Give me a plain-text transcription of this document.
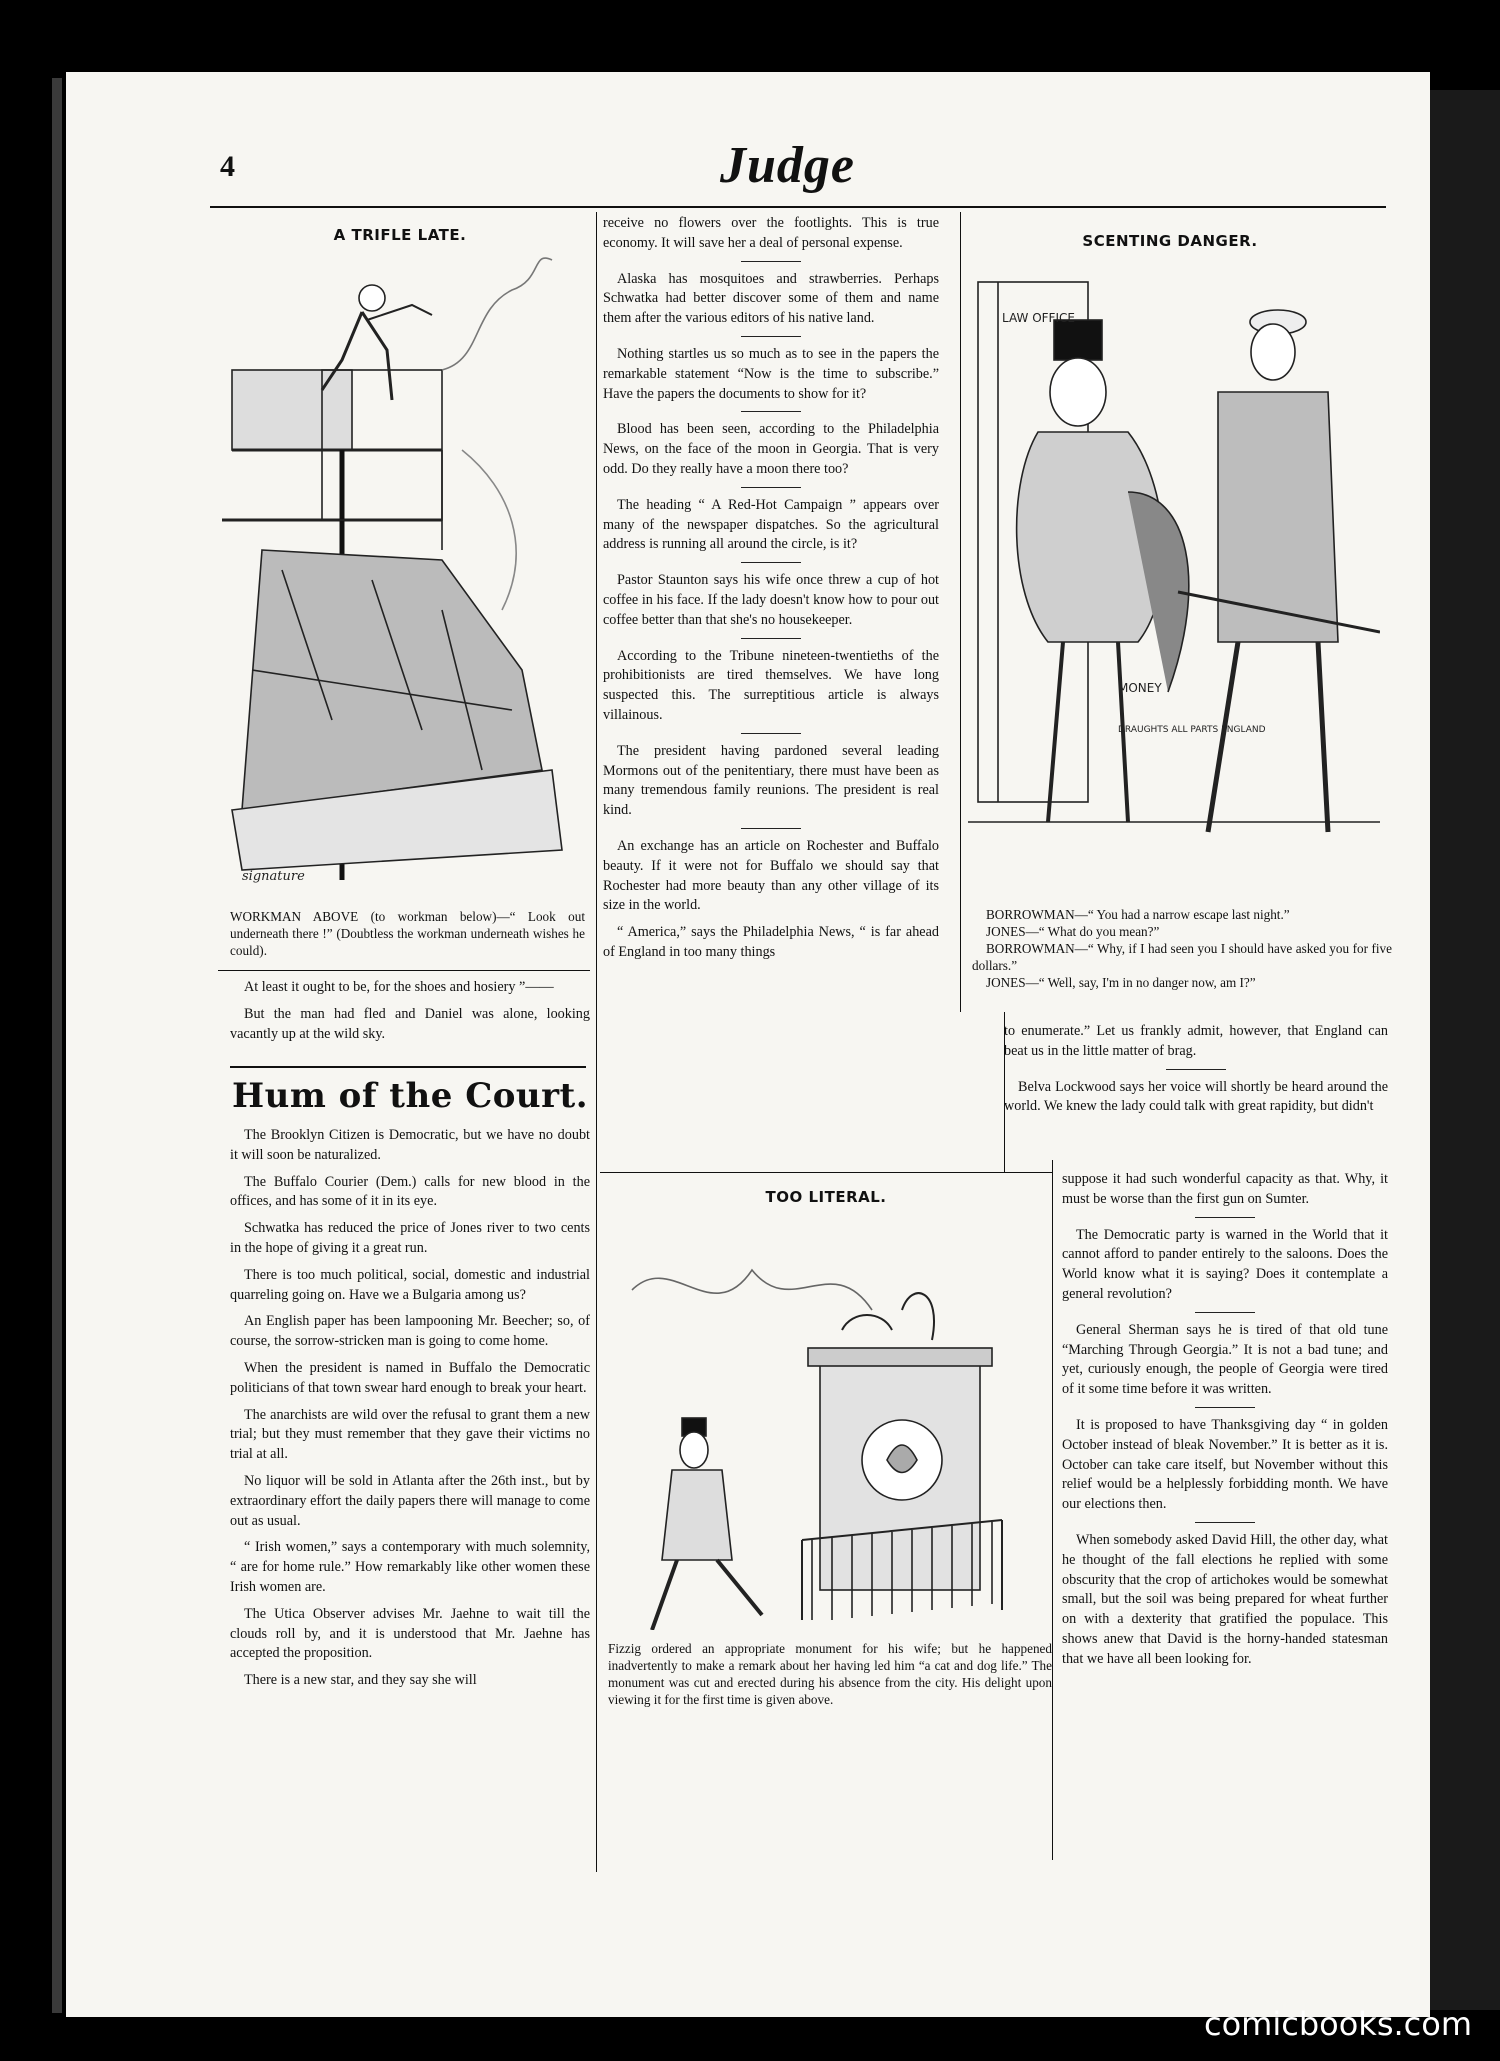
4	Judge
A TRIFLE LATE.
signature
WORKMAN ABOVE (to workman below)—“ Look out underneath there !” (Doubtless the workman underneath wishes he could).

At least it ought to be, for the shoes and hosiery ”——

But the man had fled and Daniel was alone, looking vacantly up at the wild sky.

Hum of the Court.

The Brooklyn Citizen is Democratic, but we have no doubt it will soon be naturalized.

The Buffalo Courier (Dem.) calls for new blood in the offices, and has some of it in its eye.

Schwatka has reduced the price of Jones river to two cents in the hope of giving it a great run.

There is too much political, social, domestic and industrial quarreling going on. Have we a Bulgaria among us?

An English paper has been lampooning Mr. Beecher; so, of course, the sorrow-stricken man is going to come home.

When the president is named in Buffalo the Democratic politicians of that town swear hard enough to break your heart.

The anarchists are wild over the refusal to grant them a new trial; but they must remember that they gave their victims no trial at all.

No liquor will be sold in Atlanta after the 26th inst., but by extraordinary effort the daily papers there will manage to come out as usual.

“ Irish women,” says a contemporary with much solemnity, “ are for home rule.” How remarkably like other women these Irish women are.

The Utica Observer advises Mr. Jaehne to wait till the clouds roll by, and it is understood that Mr. Jaehne has accepted the proposition.

There is a new star, and they say she will

receive no flowers over the footlights. This is true economy. It will save her a deal of personal expense.

Alaska has mosquitoes and strawberries. Perhaps Schwatka had better discover some of them and name them after the various editors of his native land.

Nothing startles us so much as to see in the papers the remarkable statement “Now is the time to subscribe.” Have the papers the documents to show for it?

Blood has been seen, according to the Philadelphia News, on the face of the moon in Georgia. That is very odd. Do they really have a moon there too?

The heading “ A Red-Hot Campaign ” appears over many of the newspaper dispatches. So the agricultural address is running all around the circle, is it?

Pastor Staunton says his wife once threw a cup of hot coffee in his face. If the lady doesn't know how to pour out coffee better than that she's no housekeeper.

According to the Tribune nineteen-twentieths of the prohibitionists are tired themselves. We have long suspected this. The surreptitious article is always villainous.

The president having pardoned several leading Mormons out of the penitentiary, there must have been as many tremendous family reunions. The president is real kind.

An exchange has an article on Rochester and Buffalo beauty. If it were not for Buffalo we should say that Rochester had more beauty than any other village of its size in the world.

“ America,” says the Philadelphia News, “ is far ahead of England in too many things

SCENTING DANGER.
LAW OFFICE
MONEY
DRAUGHTS ALL PARTS ENGLAND

BORROWMAN—“ You had a narrow escape last night.”

JONES—“ What do you mean?”

BORROWMAN—“ Why, if I had seen you I should have asked you for five dollars.”

JONES—“ Well, say, I'm in no danger now, am I?”

to enumerate.” Let us frankly admit, however, that England can beat us in the little matter of brag.

Belva Lockwood says her voice will shortly be heard around the world. We knew the lady could talk with great rapidity, but didn't

TOO LITERAL.
Fizzig ordered an appropriate monument for his wife; but he happened inadvertently to make a remark about her having led him “a cat and dog life.” The monument was cut and erected during his absence from the city. His delight upon viewing it for the first time is given above.

suppose it had such wonderful capacity as that. Why, it must be worse than the first gun on Sumter.

The Democratic party is warned in the World that it cannot afford to pander entirely to the saloons. Does the World know what it is saying? Does it contemplate a general revolution?

General Sherman says he is tired of that old tune “Marching Through Georgia.” It is not a bad tune; and yet, curiously enough, the people of Georgia were tired of it some time before it was written.

It is proposed to have Thanksgiving day “ in golden October instead of bleak November.” It is better as it is. October can take care itself, but November without this relief would be a helplessly forbidding month. We have our elections then.

When somebody asked David Hill, the other day, what he thought of the fall elections he replied with some obscurity that the crop of artichokes would be somewhat small, but the soil was being prepared for wheat further on with a dexterity that gratified the populace. This shows anew that David is the horny-handed statesman that we have all been looking for.

comicbooks.com
